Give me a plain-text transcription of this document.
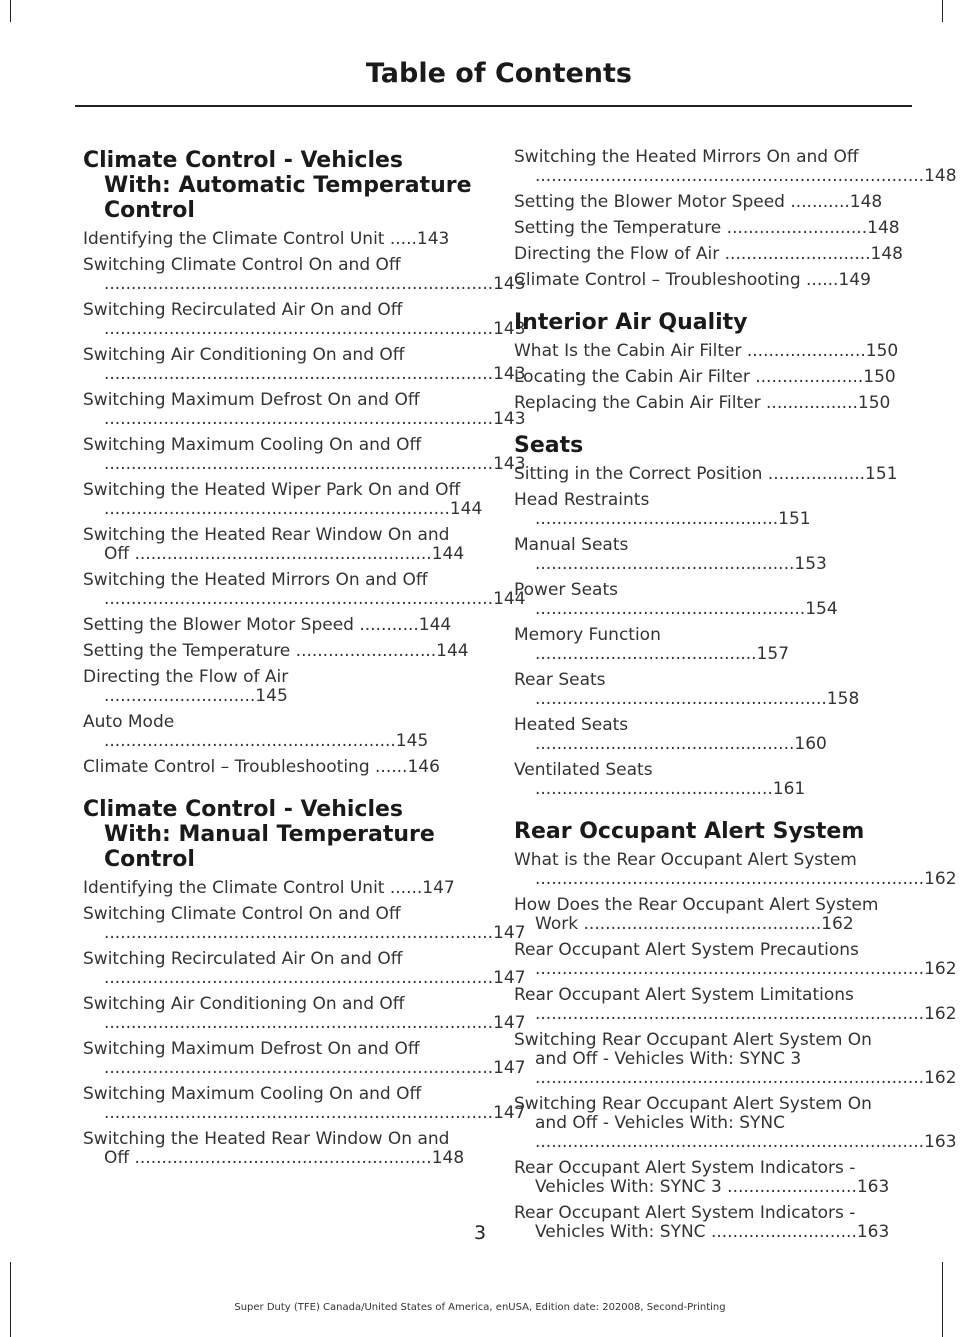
Table of Contents
Climate Control - Vehicles With: Automatic Temperature Control
Identifying the Climate Control Unit .....143
Switching Climate Control On and Off
........................................................................143
Switching Recirculated Air On and Off
........................................................................143
Switching Air Conditioning On and Off
........................................................................143
Switching Maximum Defrost On and Off
........................................................................143
Switching Maximum Cooling On and Off
........................................................................143
Switching the Heated Wiper Park On and Off ................................................................144
Switching the Heated Rear Window On and Off .......................................................144
Switching the Heated Mirrors On and Off
........................................................................144
Setting the Blower Motor Speed ...........144
Setting the Temperature ..........................144
Directing the Flow of Air ............................145
Auto Mode ......................................................145
Climate Control – Troubleshooting ......146
Climate Control - Vehicles With: Manual Temperature Control
Identifying the Climate Control Unit ......147
Switching Climate Control On and Off
........................................................................147
Switching Recirculated Air On and Off
........................................................................147
Switching Air Conditioning On and Off
........................................................................147
Switching Maximum Defrost On and Off
........................................................................147
Switching Maximum Cooling On and Off
........................................................................147
Switching the Heated Rear Window On and Off .......................................................148
Switching the Heated Mirrors On and Off
........................................................................148
Setting the Blower Motor Speed ...........148
Setting the Temperature ..........................148
Directing the Flow of Air ...........................148
Climate Control – Troubleshooting ......149
Interior Air Quality
What Is the Cabin Air Filter ......................150
Locating the Cabin Air Filter ....................150
Replacing the Cabin Air Filter .................150
Seats
Sitting in the Correct Position ..................151
Head Restraints .............................................151
Manual Seats ................................................153
Power Seats ..................................................154
Memory Function .........................................157
Rear Seats ......................................................158
Heated Seats ................................................160
Ventilated Seats ............................................161
Rear Occupant Alert System
What is the Rear Occupant Alert System
........................................................................162
How Does the Rear Occupant Alert System Work ............................................162
Rear Occupant Alert System Precautions
........................................................................162
Rear Occupant Alert System Limitations
........................................................................162
Switching Rear Occupant Alert System On and Off - Vehicles With: SYNC 3
........................................................................162
Switching Rear Occupant Alert System On and Off - Vehicles With: SYNC
........................................................................163
Rear Occupant Alert System Indicators - Vehicles With: SYNC 3 ........................163
Rear Occupant Alert System Indicators - Vehicles With: SYNC ...........................163
3
Super Duty (TFE) Canada/United States of America, enUSA, Edition date: 202008, Second-Printing
